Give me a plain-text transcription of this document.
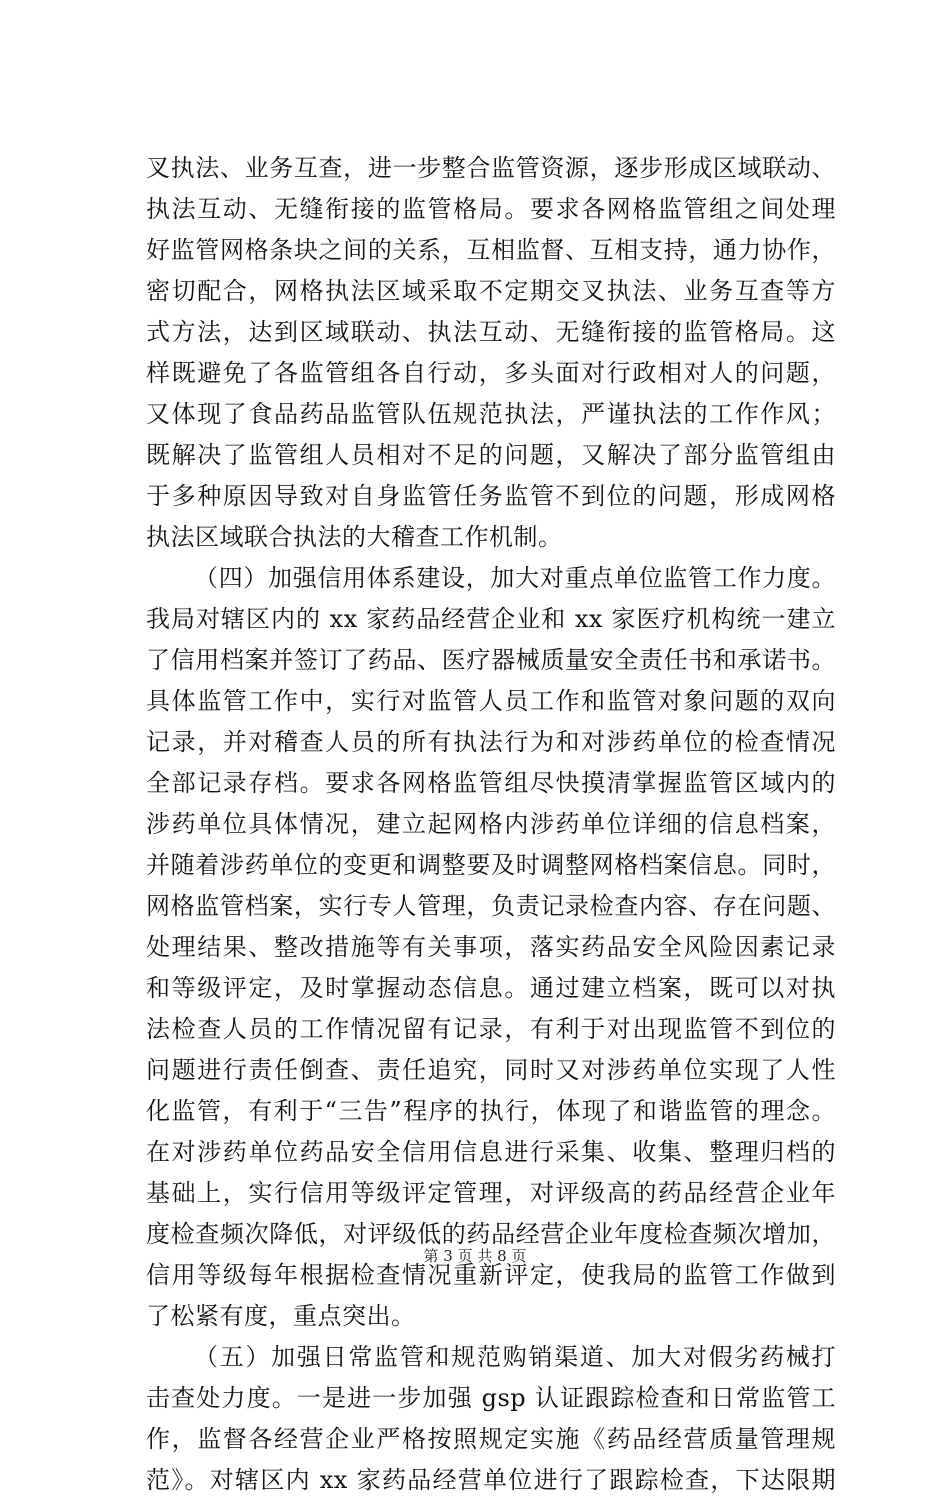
叉执法、业务互查，进一步整合监管资源，逐步形成区域联动、
执法互动、无缝衔接的监管格局。要求各网格监管组之间处理
好监管网格条块之间的关系，互相监督、互相支持，通力协作，
密切配合，网格执法区域采取不定期交叉执法、业务互查等方
式方法，达到区域联动、执法互动、无缝衔接的监管格局。这
样既避免了各监管组各自行动，多头面对行政相对人的问题，
又体现了食品药品监管队伍规范执法，严谨执法的工作作风；
既解决了监管组人员相对不足的问题，又解决了部分监管组由
于多种原因导致对自身监管任务监管不到位的问题，形成网格
执法区域联合执法的大稽查工作机制。
（四）加强信用体系建设，加大对重点单位监管工作力度。
我局对辖区内的 xx 家药品经营企业和 xx 家医疗机构统一建立
了信用档案并签订了药品、医疗器械质量安全责任书和承诺书。
具体监管工作中，实行对监管人员工作和监管对象问题的双向
记录，并对稽查人员的所有执法行为和对涉药单位的检查情况
全部记录存档。要求各网格监管组尽快摸清掌握监管区域内的
涉药单位具体情况，建立起网格内涉药单位详细的信息档案，
并随着涉药单位的变更和调整要及时调整网格档案信息。同时，
网格监管档案，实行专人管理，负责记录检查内容、存在问题、
处理结果、整改措施等有关事项，落实药品安全风险因素记录
和等级评定，及时掌握动态信息。通过建立档案，既可以对执
法检查人员的工作情况留有记录，有利于对出现监管不到位的
问题进行责任倒查、责任追究，同时又对涉药单位实现了人性
化监管，有利于“三告”程序的执行，体现了和谐监管的理念。
在对涉药单位药品安全信用信息进行采集、收集、整理归档的
基础上，实行信用等级评定管理，对评级高的药品经营企业年
度检查频次降低，对评级低的药品经营企业年度检查频次增加，
信用等级每年根据检查情况重新评定，使我局的监管工作做到
了松紧有度，重点突出。
（五）加强日常监管和规范购销渠道、加大对假劣药械打
击查处力度。一是进一步加强 gsp 认证跟踪检查和日常监管工
作，监督各经营企业严格按照规定实施《药品经营质量管理规
范》。对辖区内 xx 家药品经营单位进行了跟踪检查，下达限期
第 3 页 共 8 页
